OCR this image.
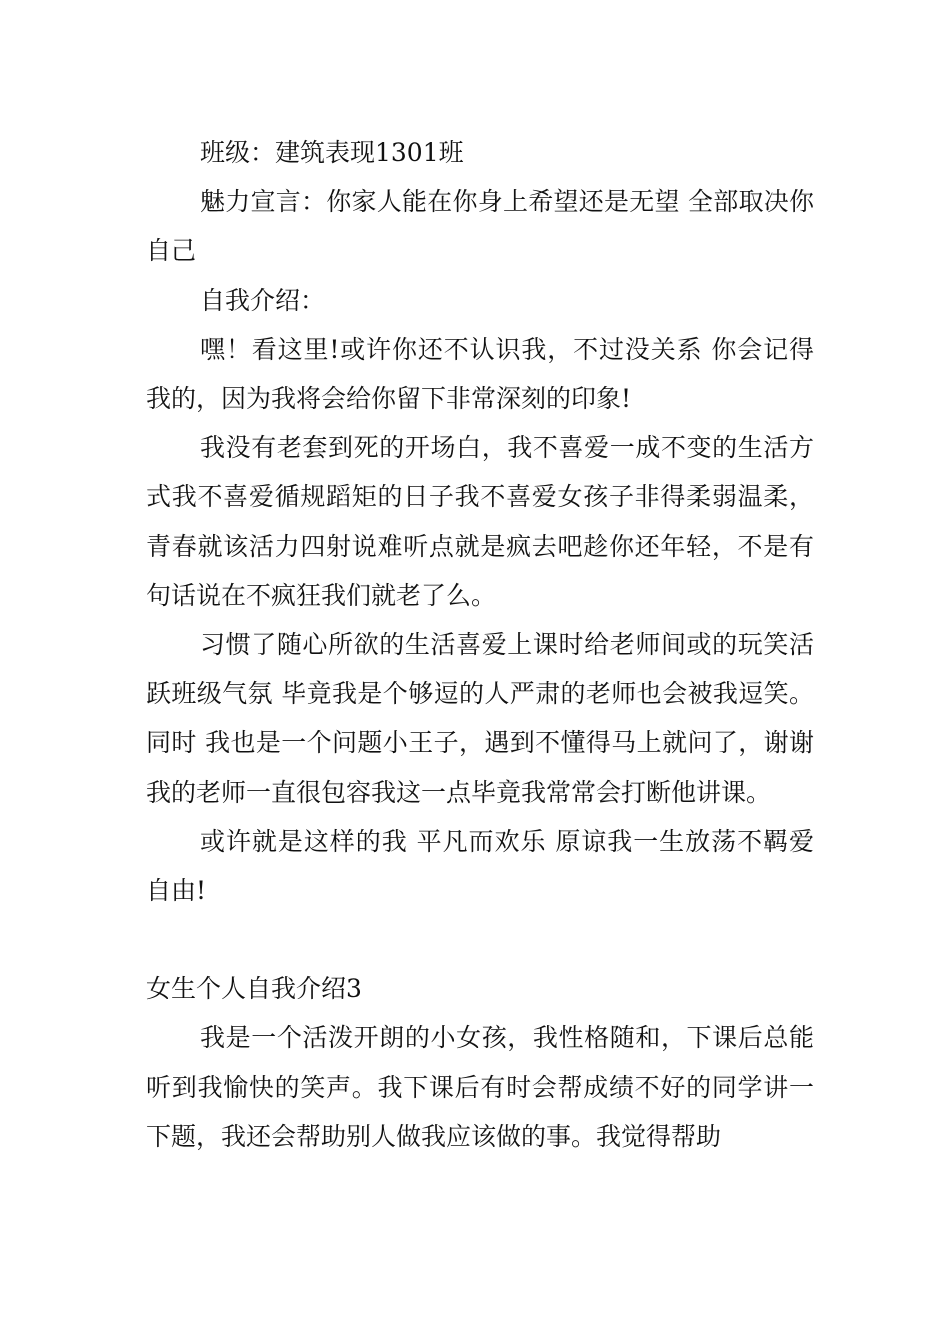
班级：建筑表现1301班

魅力宣言：你家人能在你身上希望还是无望 全部取决你自己

自我介绍：

嘿！看这里!或许你还不认识我，不过没关系 你会记得我的，因为我将会给你留下非常深刻的印象!

我没有老套到死的开场白，我不喜爱一成不变的生活方式我不喜爱循规蹈矩的日子我不喜爱女孩子非得柔弱温柔，青春就该活力四射说难听点就是疯去吧趁你还年轻，不是有句话说在不疯狂我们就老了么。

习惯了随心所欲的生活喜爱上课时给老师间或的玩笑活跃班级气氛 毕竟我是个够逗的人严肃的老师也会被我逗笑。同时 我也是一个问题小王子，遇到不懂得马上就问了，谢谢我的老师一直很包容我这一点毕竟我常常会打断他讲课。

或许就是这样的我 平凡而欢乐 原谅我一生放荡不羁爱自由!

女生个人自我介绍3

我是一个活泼开朗的小女孩，我性格随和，下课后总能听到我愉快的笑声。我下课后有时会帮成绩不好的同学讲一下题，我还会帮助别人做我应该做的事。我觉得帮助
